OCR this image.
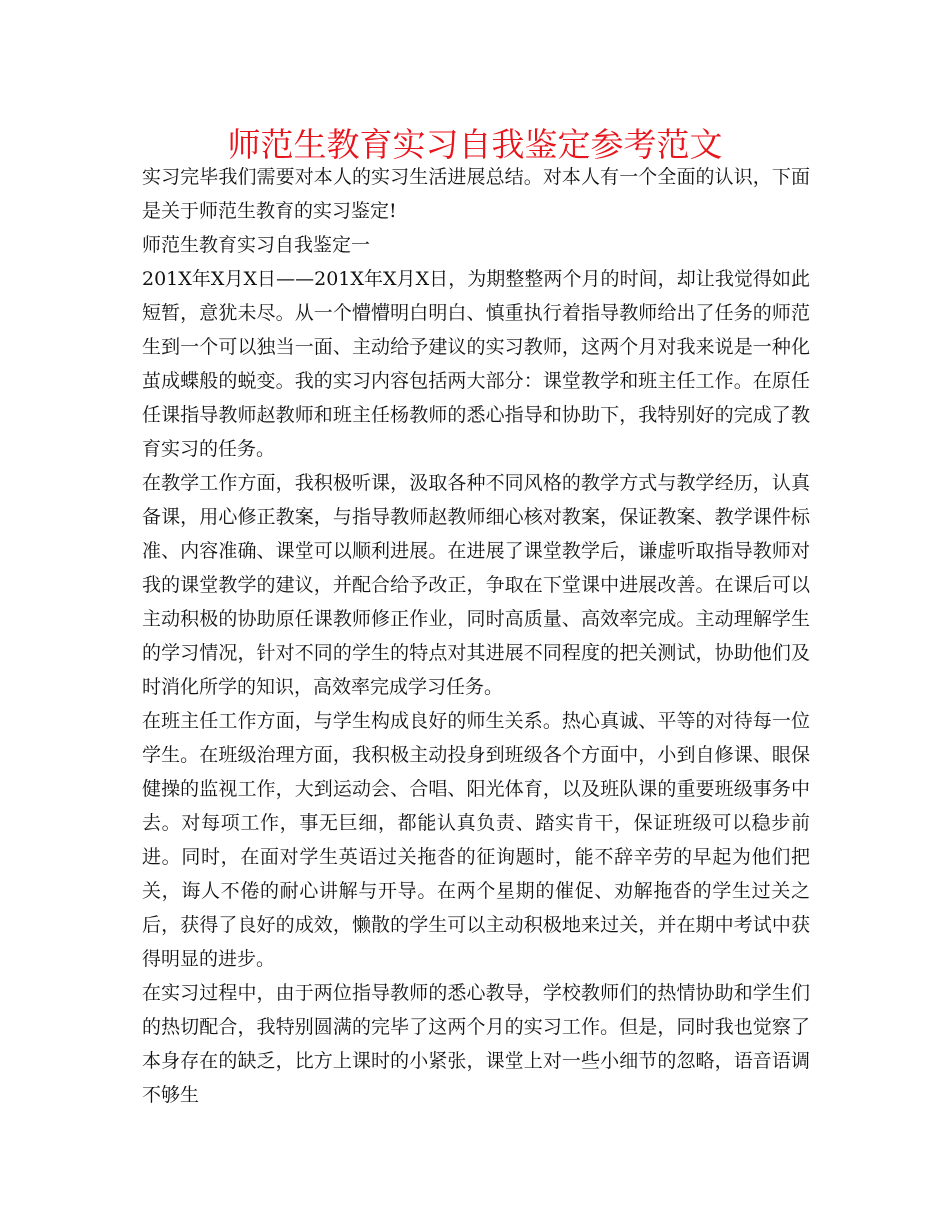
师范生教育实习自我鉴定参考范文

实习完毕我们需要对本人的实习生活进展总结。对本人有一个全面的认识，下面是关于师范生教育的实习鉴定!

师范生教育实习自我鉴定一

201X年X月X日——201X年X月X日，为期整整两个月的时间，却让我觉得如此短暂，意犹未尽。从一个懵懵明白明白、慎重执行着指导教师给出了任务的师范生到一个可以独当一面、主动给予建议的实习教师，这两个月对我来说是一种化茧成蝶般的蜕变。我的实习内容包括两大部分：课堂教学和班主任工作。在原任任课指导教师赵教师和班主任杨教师的悉心指导和协助下，我特别好的完成了教育实习的任务。

在教学工作方面，我积极听课，汲取各种不同风格的教学方式与教学经历，认真备课，用心修正教案，与指导教师赵教师细心核对教案，保证教案、教学课件标准、内容准确、课堂可以顺利进展。在进展了课堂教学后，谦虚听取指导教师对我的课堂教学的建议，并配合给予改正，争取在下堂课中进展改善。在课后可以主动积极的协助原任课教师修正作业，同时高质量、高效率完成。主动理解学生的学习情况，针对不同的学生的特点对其进展不同程度的把关测试，协助他们及时消化所学的知识，高效率完成学习任务。

在班主任工作方面，与学生构成良好的师生关系。热心真诚、平等的对待每一位学生。在班级治理方面，我积极主动投身到班级各个方面中，小到自修课、眼保健操的监视工作，大到运动会、合唱、阳光体育，以及班队课的重要班级事务中去。对每项工作，事无巨细，都能认真负责、踏实肯干，保证班级可以稳步前进。同时，在面对学生英语过关拖沓的征询题时，能不辞辛劳的早起为他们把关，诲人不倦的耐心讲解与开导。在两个星期的催促、劝解拖沓的学生过关之后，获得了良好的成效，懒散的学生可以主动积极地来过关，并在期中考试中获得明显的进步。

在实习过程中，由于两位指导教师的悉心教导，学校教师们的热情协助和学生们的热切配合，我特别圆满的完毕了这两个月的实习工作。但是，同时我也觉察了本身存在的缺乏，比方上课时的小紧张，课堂上对一些小细节的忽略，语音语调不够生
